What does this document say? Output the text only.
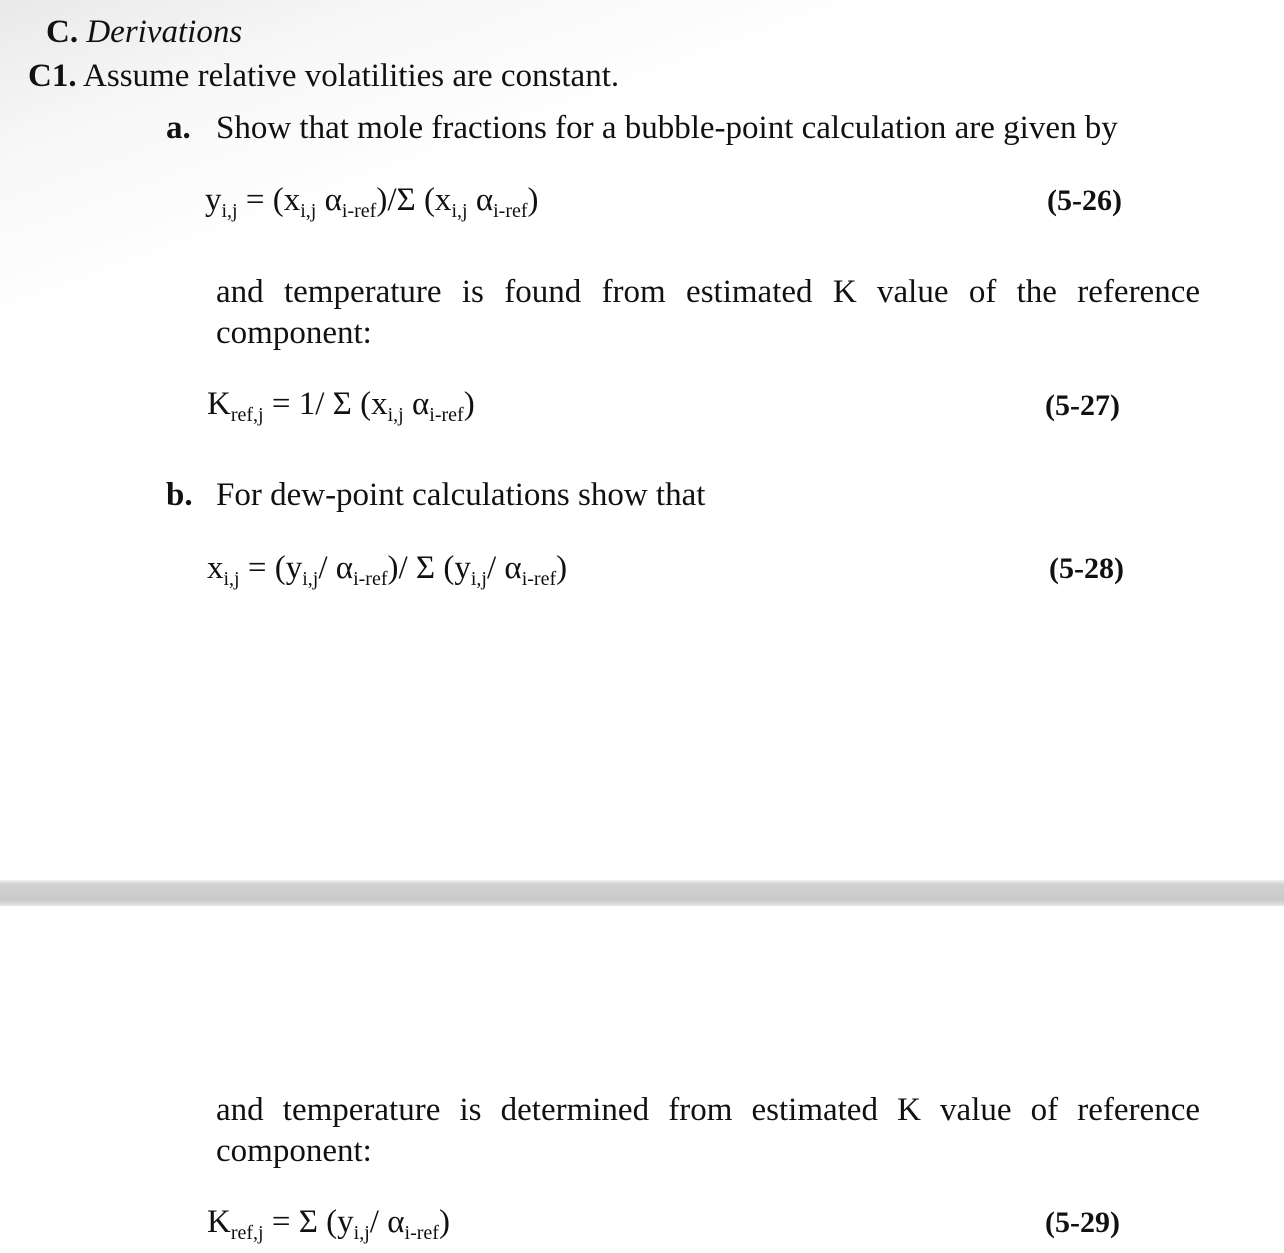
C. Derivations
C1. Assume relative volatilities are constant.
a. Show that mole fractions for a bubble-point calculation are given by
$y_{i,j} = (x_{i,j}$ $\alpha_{i-ref})/\Sigma$ ($x_{i,j}$ $\alpha_{i-ref}$)	(5-26)
and temperature is found from estimated K value of the reference component:
$K_{ref,j} = 1/$ Σ ($x_{i,j}$ $\alpha_{i-ref}$)	(5-27)
b. For dew-point calculations show that
$x_{i,j} = (y_{i,j}/$ $\alpha_{i-ref})/$ Σ ($y_{i,j}/$ $\alpha_{i-ref}$)	(5-28)
and temperature is determined from estimated K value of reference component:
$K_{ref,j} = \Sigma$ ($y_{i,j}/$ $\alpha_{i-ref}$)	(5-29)
